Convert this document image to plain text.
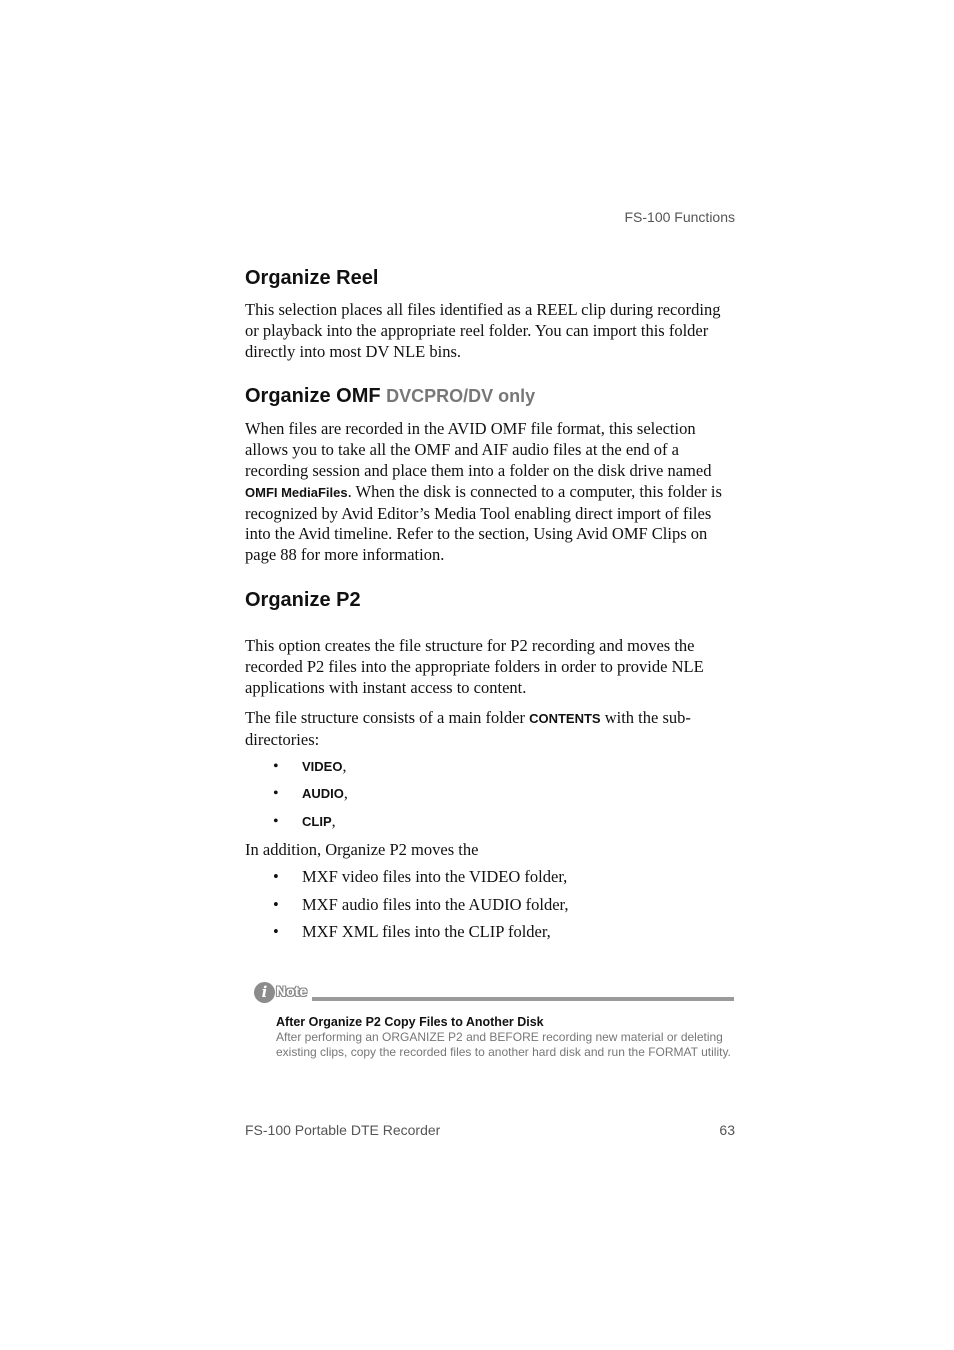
FS-100 Functions
Organize Reel

This selection places all files identified as a REEL clip during recording or playback into the appropriate reel folder. You can import this folder directly into most DV NLE bins.

Organize OMF DVCPRO/DV only

When files are recorded in the AVID OMF file format, this selection allows you to take all the OMF and AIF audio files at the end of a recording session and place them into a folder on the disk drive named OMFI MediaFiles. When the disk is connected to a computer, this folder is recognized by Avid Editor’s Media Tool enabling direct import of files into the Avid timeline. Refer to the section, Using Avid OMF Clips on page 88 for more information.

Organize P2

This option creates the file structure for P2 recording and moves the recorded P2 files into the appropriate folders in order to provide NLE applications with instant access to content.

The file structure consists of a main folder CONTENTS with the sub-directories:

• VIDEO,
• AUDIO,
• CLIP,

In addition, Organize P2 moves the

• MXF video files into the VIDEO folder,
• MXF audio files into the AUDIO folder,
• MXF XML files into the CLIP folder,
i Note
After Organize P2 Copy Files to Another Disk
After performing an ORGANIZE P2 and BEFORE recording new material or deleting existing clips, copy the recorded files to another hard disk and run the FORMAT utility.
FS-100 Portable DTE Recorder	63
